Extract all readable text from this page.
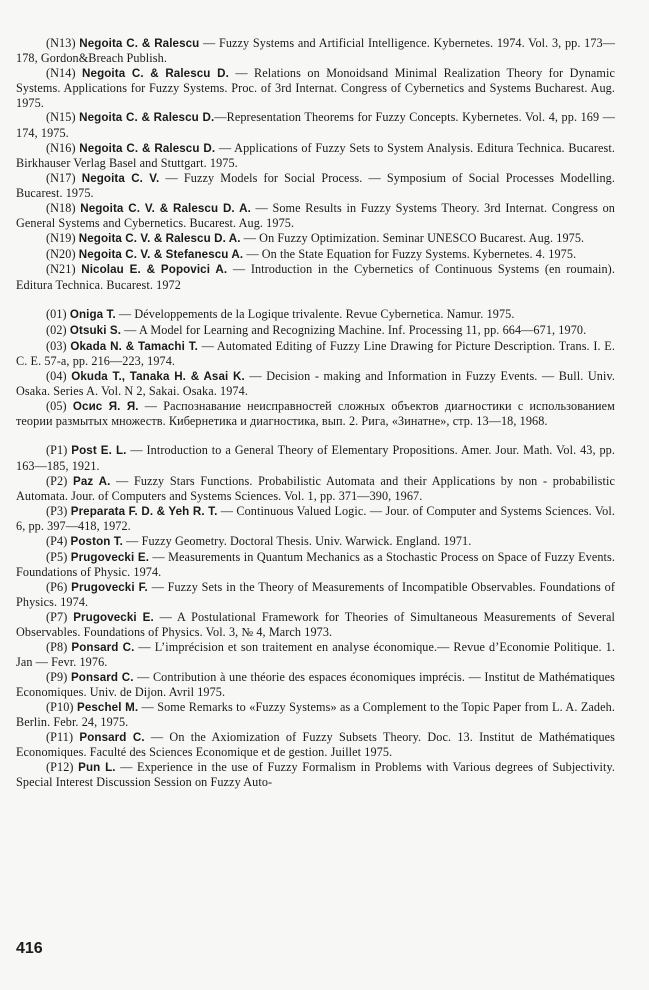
(N13) Negoita C. & Ralescu — Fuzzy Systems and Artificial Intelligence. Kybernetes. 1974. Vol. 3, pp. 173—178, Gordon&Breach Publish.

(N14) Negoita C. & Ralescu D. — Relations on Monoidsand Minimal Realization Theory for Dynamic Systems. Applications for Fuzzy Systems. Proc. of 3rd Internat. Congress of Cybernetics and Systems Bucharest. Aug. 1975.

(N15) Negoita C. & Ralescu D.—Representation Theorems for Fuzzy Concepts. Kybernetes. Vol. 4, pp. 169 —174, 1975.

(N16) Negoita C. & Ralescu D. — Applications of Fuzzy Sets to System Analysis. Editura Technica. Bucarest. Birkhauser Verlag Basel and Stuttgart. 1975.

(N17) Negoita C. V. — Fuzzy Models for Social Process. — Symposium of Social Processes Modelling. Bucarest. 1975.

(N18) Negoita C. V. & Ralescu D. A. — Some Results in Fuzzy Systems Theory. 3rd Internat. Congress on General Systems and Cybernetics. Bucarest. Aug. 1975.

(N19) Negoita C. V. & Ralescu D. A. — On Fuzzy Optimization. Seminar UNESCO Bucarest. Aug. 1975.

(N20) Negoita C. V. & Stefanescu A. — On the State Equation for Fuzzy Systems. Kybernetes. 4. 1975.

(N21) Nicolau E. & Popovici A. — Introduction in the Cybernetics of Continuous Systems (en roumain). Editura Technica. Bucarest. 1972

(01) Oniga T. — Développements de la Logique trivalente. Revue Cybernetica. Namur. 1975.

(02) Otsuki S. — A Model for Learning and Recognizing Machine. Inf. Processing 11, pp. 664—671, 1970.

(03) Okada N. & Tamachi T. — Automated Editing of Fuzzy Line Drawing for Picture Description. Trans. I. E. C. E. 57-a, pp. 216—223, 1974.

(04) Okuda T., Tanaka H. & Asai K. — Decision - making and Information in Fuzzy Events. — Bull. Univ. Osaka. Series A. Vol. N 2, Sakai. Osaka. 1974.

(05) Осис Я. Я. — Распознавание неисправностей сложных объектов диагностики с использованием теории размытых множеств. Кибернетика и диагностика, вып. 2. Рига, «Зинатне», стр. 13—18, 1968.

(P1) Post E. L. — Introduction to a General Theory of Elementary Propositions. Amer. Jour. Math. Vol. 43, pp. 163—185, 1921.

(P2) Paz A. — Fuzzy Stars Functions. Probabilistic Automata and their Applications by non - probabilistic Automata. Jour. of Computers and Systems Sciences. Vol. 1, pp. 371—390, 1967.

(P3) Preparata F. D. & Yeh R. T. — Continuous Valued Logic. — Jour. of Computer and Systems Sciences. Vol. 6, pp. 397—418, 1972.

(P4) Poston T. — Fuzzy Geometry. Doctoral Thesis. Univ. Warwick. England. 1971.

(P5) Prugovecki E. — Measurements in Quantum Mechanics as a Stochastic Process on Space of Fuzzy Events. Foundations of Physic. 1974.

(P6) Prugovecki F. — Fuzzy Sets in the Theory of Measurements of Incompatible Observables. Foundations of Physics. 1974.

(P7) Prugovecki E. — A Postulational Framework for Theories of Simultaneous Measurements of Several Observables. Foundations of Physics. Vol. 3, № 4, March 1973.

(P8) Ponsard C. — L’imprécision et son traitement en analyse économique.— Revue d’Economie Politique. 1. Jan — Fevr. 1976.

(P9) Ponsard C. — Contribution à une théorie des espaces économiques imprécis. — Institut de Mathématiques Economiques. Univ. de Dijon. Avril 1975.

(P10) Peschel M. — Some Remarks to «Fuzzy Systems» as a Complement to the Topic Paper from L. A. Zadeh. Berlin. Febr. 24, 1975.

(P11) Ponsard C. — On the Axiomization of Fuzzy Subsets Theory. Doc. 13. Institut de Mathématiques Economiques. Faculté des Sciences Economique et de gestion. Juillet 1975.

(P12) Pun L. — Experience in the use of Fuzzy Formalism in Problems with Various degrees of Subjectivity. Special Interest Discussion Session on Fuzzy Auto-

416
